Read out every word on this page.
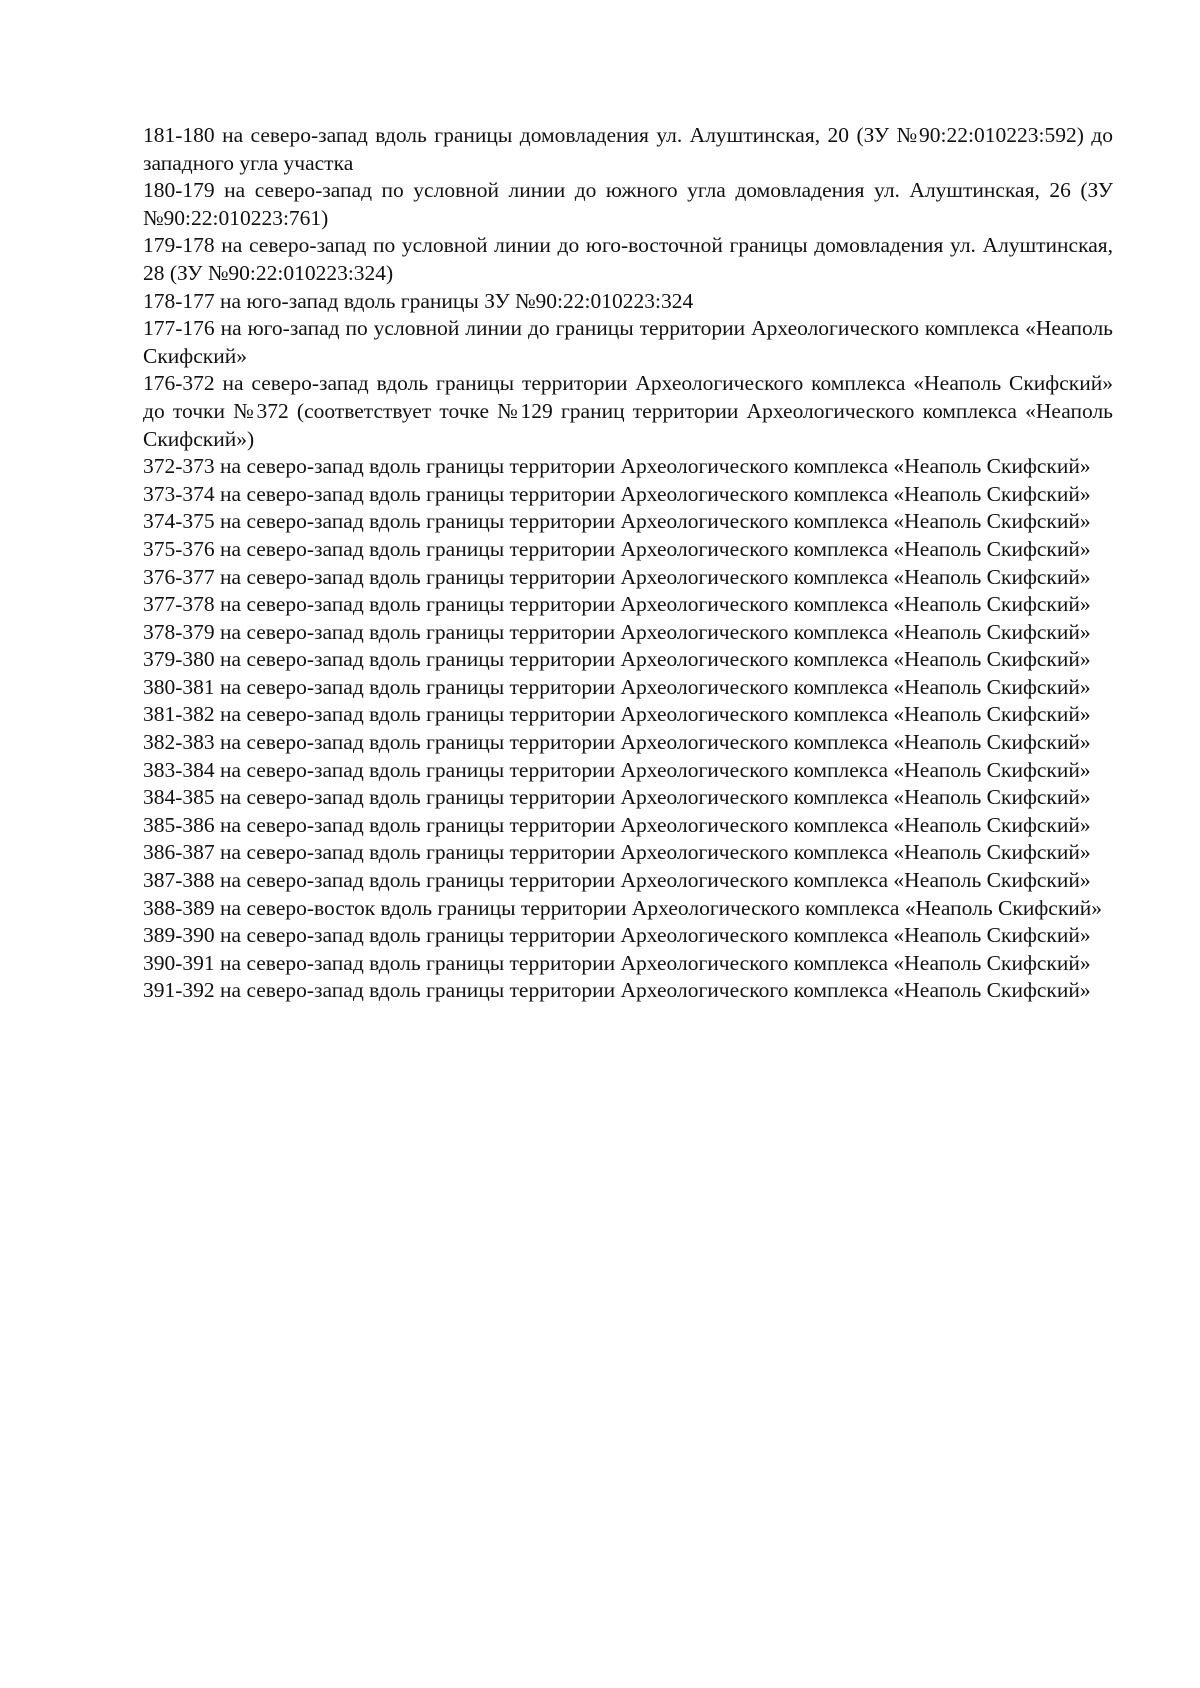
181-180 на северо-запад вдоль границы домовладения ул. Алуштинская, 20 (ЗУ №90:22:010223:592) до западного угла участка

180-179 на северо-запад по условной линии до южного угла домовладения ул. Алуштинская, 26 (ЗУ №90:22:010223:761)

179-178 на северо-запад по условной линии до юго-восточной границы домовладения ул. Алуштинская, 28 (ЗУ №90:22:010223:324)

178-177 на юго-запад вдоль границы ЗУ №90:22:010223:324

177-176 на юго-запад по условной линии до границы территории Археологического комплекса «Неаполь Скифский»

176-372 на северо-запад вдоль границы территории Археологического комплекса «Неаполь Скифский» до точки №372 (соответствует точке №129 границ территории Археологического комплекса «Неаполь Скифский»)

372-373 на северо-запад вдоль границы территории Археологического комплекса «Неаполь Скифский»

373-374 на северо-запад вдоль границы территории Археологического комплекса «Неаполь Скифский»

374-375 на северо-запад вдоль границы территории Археологического комплекса «Неаполь Скифский»

375-376 на северо-запад вдоль границы территории Археологического комплекса «Неаполь Скифский»

376-377 на северо-запад вдоль границы территории Археологического комплекса «Неаполь Скифский»

377-378 на северо-запад вдоль границы территории Археологического комплекса «Неаполь Скифский»

378-379 на северо-запад вдоль границы территории Археологического комплекса «Неаполь Скифский»

379-380 на северо-запад вдоль границы территории Археологического комплекса «Неаполь Скифский»

380-381 на северо-запад вдоль границы территории Археологического комплекса «Неаполь Скифский»

381-382 на северо-запад вдоль границы территории Археологического комплекса «Неаполь Скифский»

382-383 на северо-запад вдоль границы территории Археологического комплекса «Неаполь Скифский»

383-384 на северо-запад вдоль границы территории Археологического комплекса «Неаполь Скифский»

384-385 на северо-запад вдоль границы территории Археологического комплекса «Неаполь Скифский»

385-386 на северо-запад вдоль границы территории Археологического комплекса «Неаполь Скифский»

386-387 на северо-запад вдоль границы территории Археологического комплекса «Неаполь Скифский»

387-388 на северо-запад вдоль границы территории Археологического комплекса «Неаполь Скифский»

388-389 на северо-восток вдоль границы территории Археологического комплекса «Неаполь Скифский»

389-390 на северо-запад вдоль границы территории Археологического комплекса «Неаполь Скифский»

390-391 на северо-запад вдоль границы территории Археологического комплекса «Неаполь Скифский»

391-392 на северо-запад вдоль границы территории Археологического комплекса «Неаполь Скифский»
